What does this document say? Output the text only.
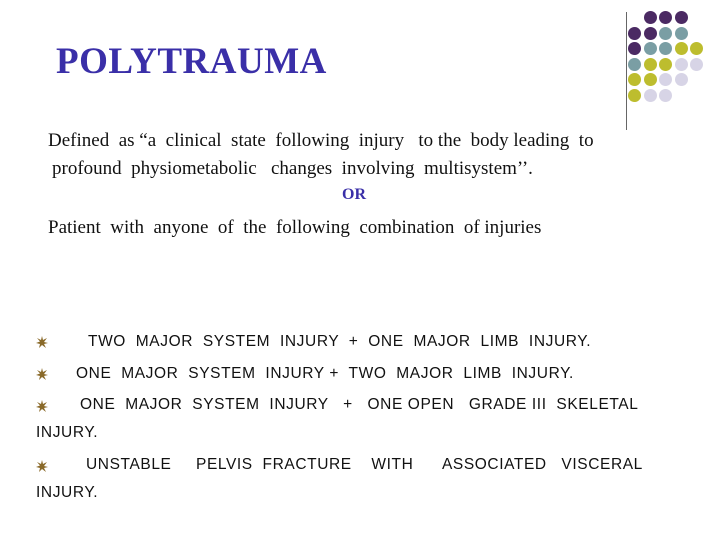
POLYTRAUMA
Defined  as “a  clinical  state  following  injury   to the  body leading  to
profound  physiometabolic   changes  involving  multisystem’’.
OR
Patient  with  anyone  of  the  following  combination  of injuries
TWO  MAJOR  SYSTEM  INJURY  +  ONE  MAJOR  LIMB  INJURY.
ONE  MAJOR  SYSTEM  INJURY +  TWO  MAJOR  LIMB  INJURY.
ONE  MAJOR  SYSTEM  INJURY   +   ONE OPEN   GRADE III  SKELETAL
INJURY.
UNSTABLE     PELVIS  FRACTURE    WITH      ASSOCIATED   VISCERAL
INJURY.
